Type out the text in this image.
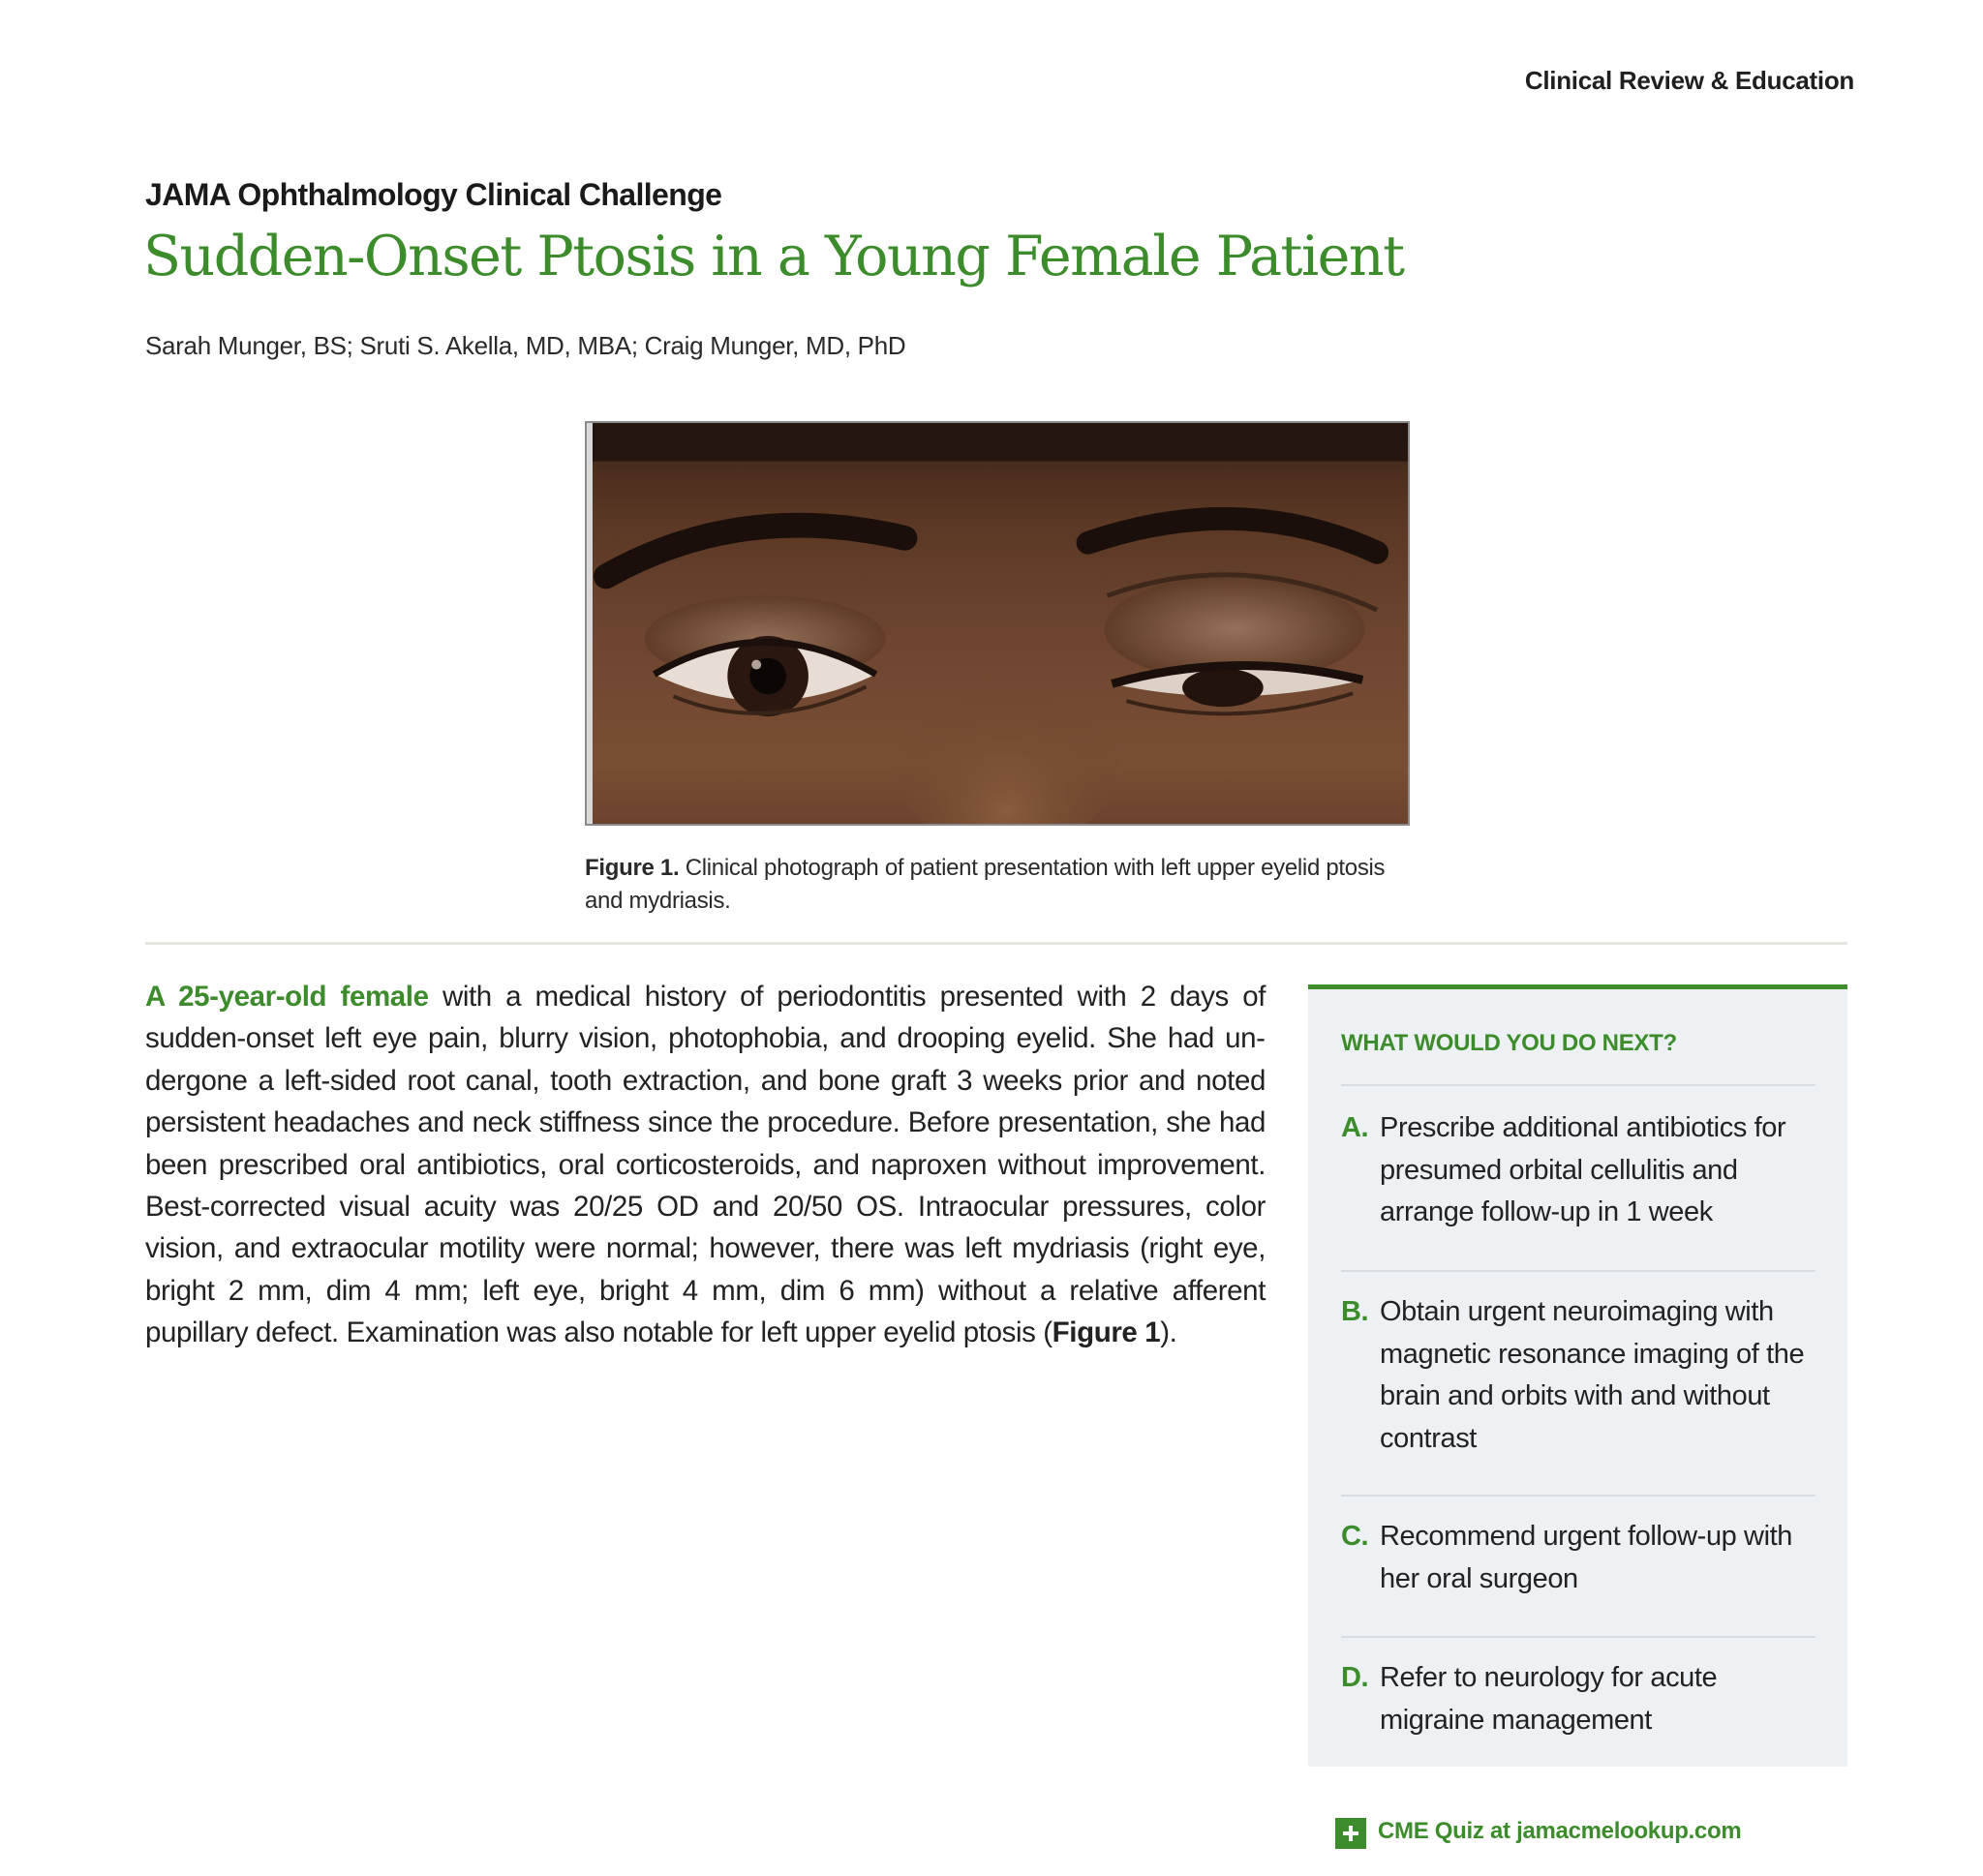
Clinical Review & Education
JAMA Ophthalmology Clinical Challenge
Sudden-Onset Ptosis in a Young Female Patient
Sarah Munger, BS; Sruti S. Akella, MD, MBA; Craig Munger, MD, PhD
Figure 1. Clinical photograph of patient presentation with left upper eyelid ptosis and mydriasis.
A 25-year-old female with a medical history of periodontitis presented with 2 days of sudden-onset left eye pain, blurry vision, photophobia, and drooping eyelid. She had undergone a left-sided root canal, tooth extraction, and bone graft 3 weeks prior and noted persistent headaches and neck stiffness since the procedure. Before presentation, she had been prescribed oral antibiotics, oral corticosteroids, and naproxen without improvement. Best-corrected visual acuity was 20/25 OD and 20/50 OS. Intraocular pressures, color vision, and extraocular motility were normal; however, there was left mydriasis (right eye, bright 2 mm, dim 4 mm; left eye, bright 4 mm, dim 6 mm) without a relative afferent pupillary defect. Examination was also notable for left upper eyelid ptosis (Figure 1).
WHAT WOULD YOU DO NEXT?
A. Prescribe additional antibiotics for presumed orbital cellulitis and arrange follow-up in 1 week
B. Obtain urgent neuroimaging with magnetic resonance imaging of the brain and orbits with and without contrast
C. Recommend urgent follow-up with her oral surgeon
D. Refer to neurology for acute migraine management
CME Quiz at jamacmelookup.com
